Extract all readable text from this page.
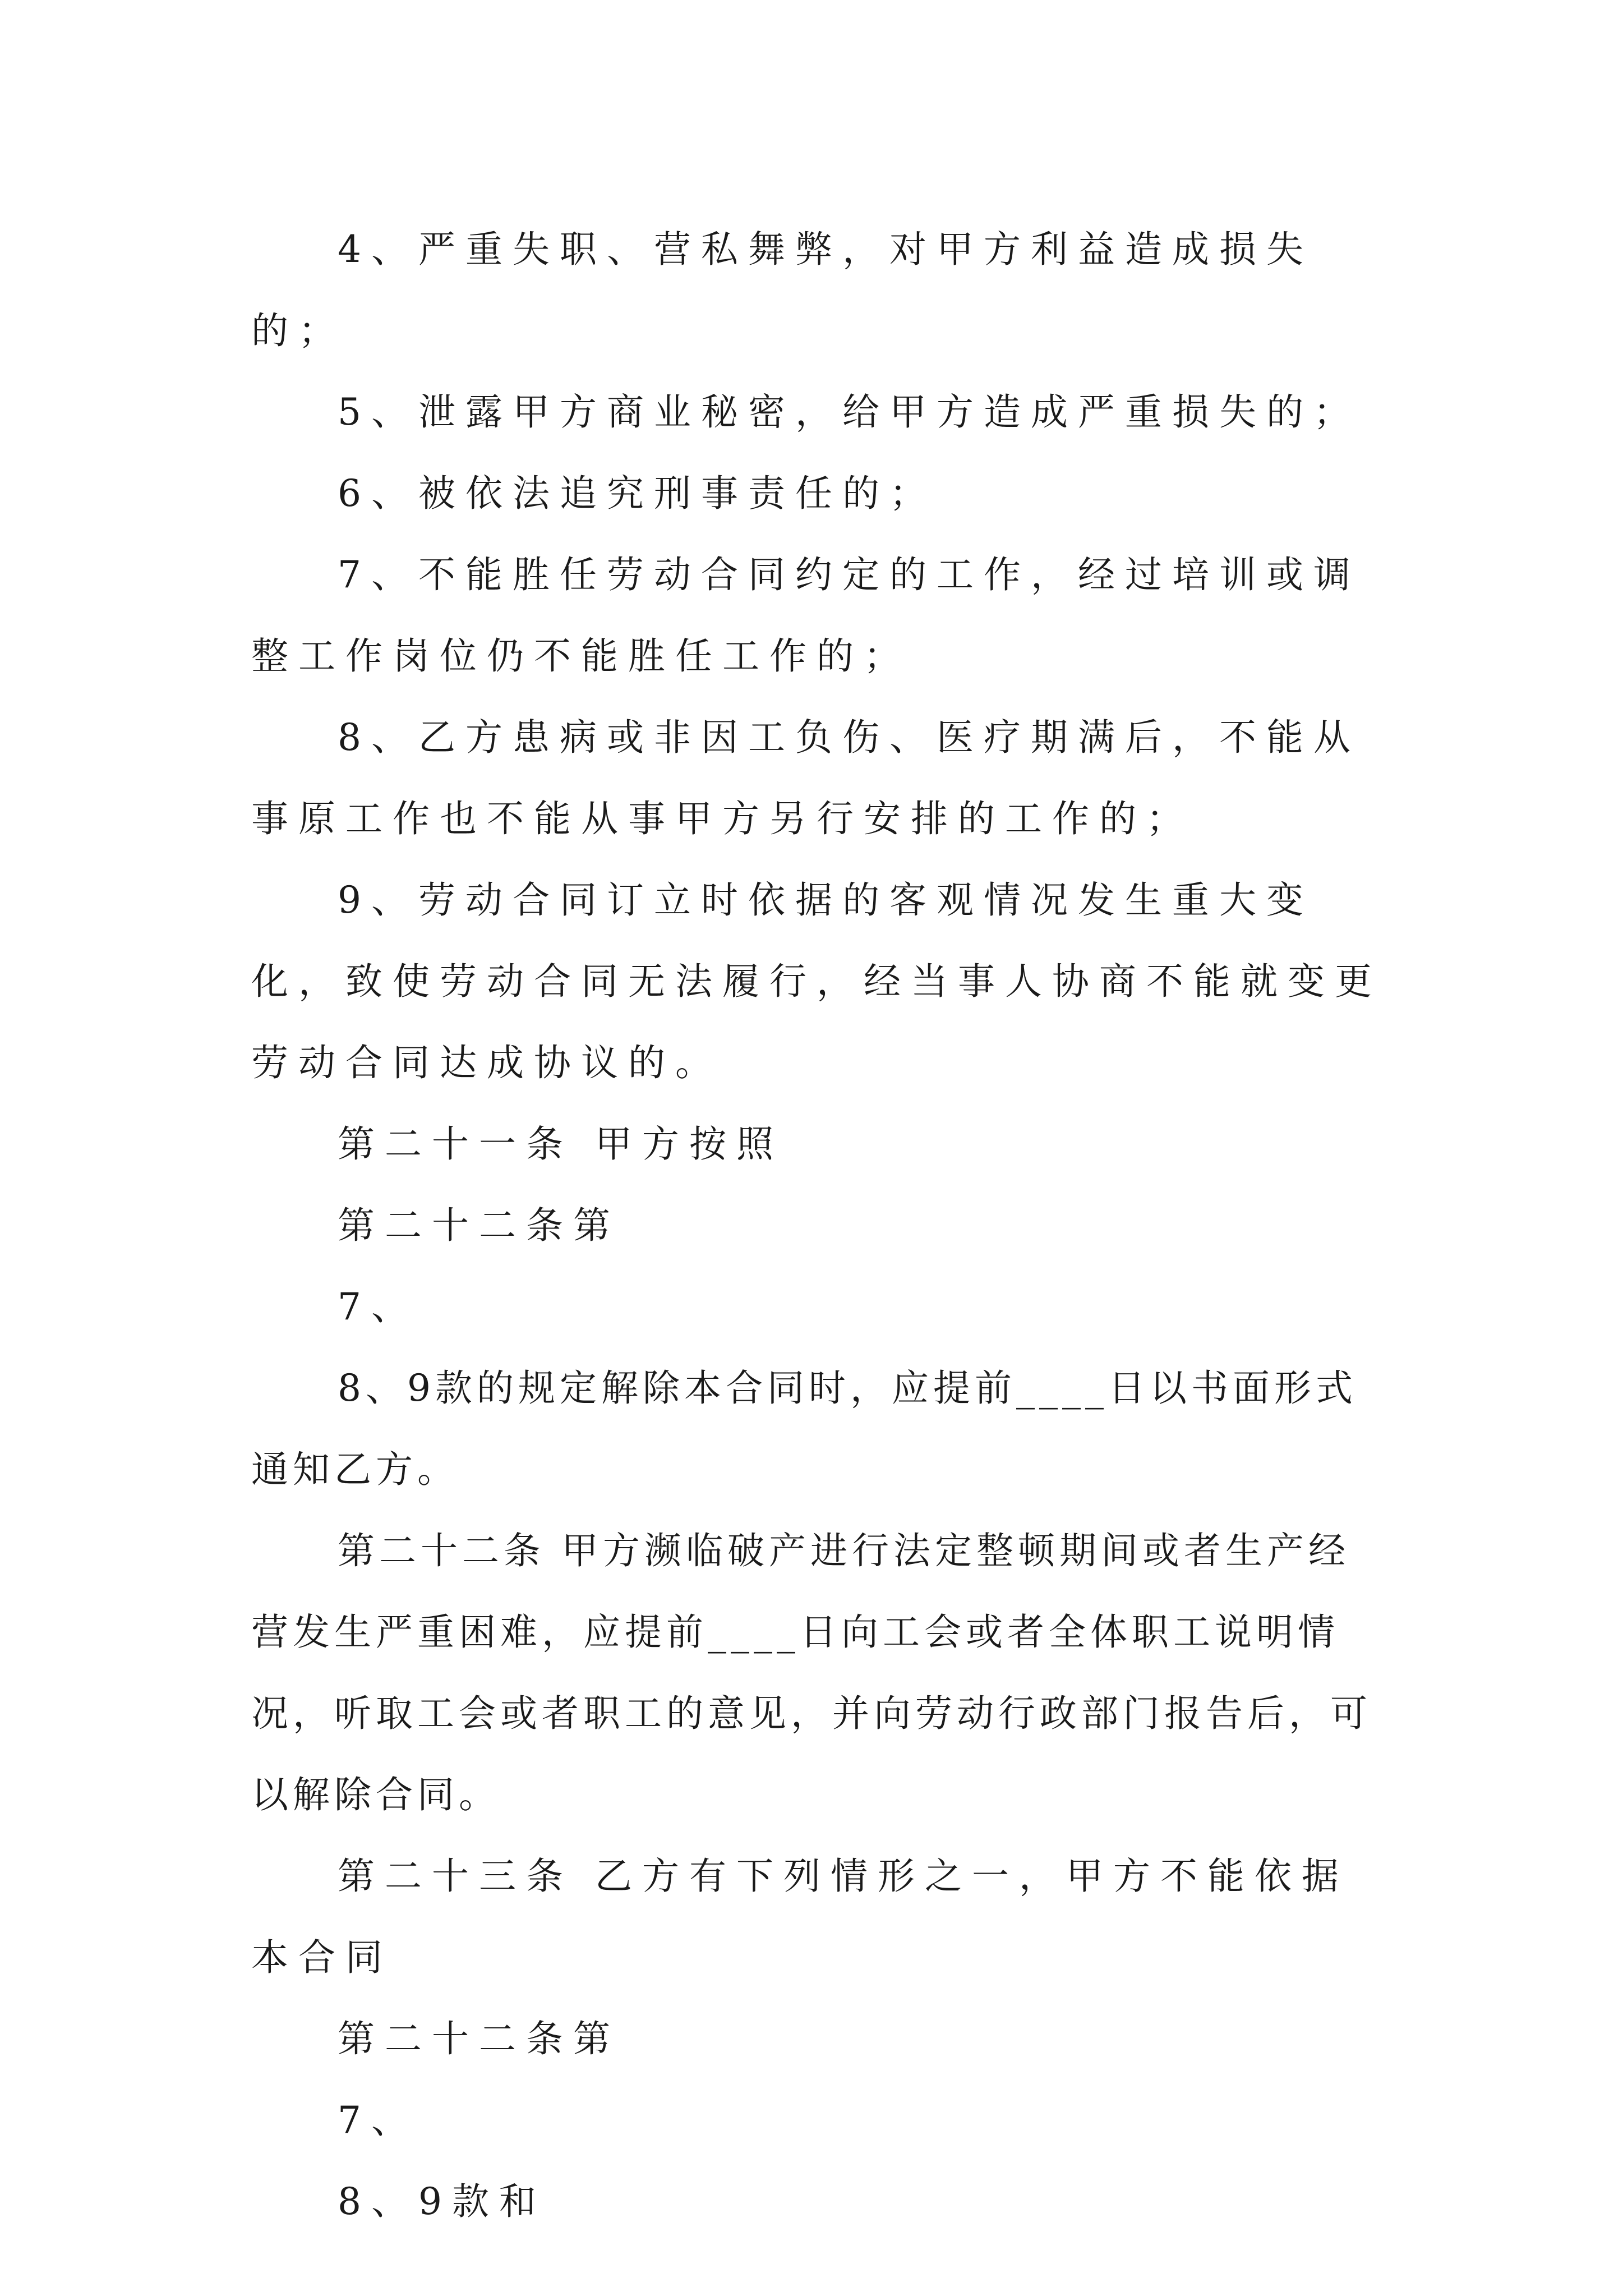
4、严重失职、营私舞弊，对甲方利益造成损失的；

5、泄露甲方商业秘密，给甲方造成严重损失的；

6、被依法追究刑事责任的；

7、不能胜任劳动合同约定的工作，经过培训或调整工作岗位仍不能胜任工作的；

8、乙方患病或非因工负伤、医疗期满后，不能从事原工作也不能从事甲方另行安排的工作的；

9、劳动合同订立时依据的客观情况发生重大变化，致使劳动合同无法履行，经当事人协商不能就变更劳动合同达成协议的。

第二十一条 甲方按照

第二十二条第

7、

8、9款的规定解除本合同时，应提前____日以书面形式通知乙方。

第二十二条 甲方濒临破产进行法定整顿期间或者生产经营发生严重困难，应提前____日向工会或者全体职工说明情况，听取工会或者职工的意见，并向劳动行政部门报告后，可以解除合同。

第二十三条 乙方有下列情形之一，甲方不能依据本合同

第二十二条第

7、

8、9款和
